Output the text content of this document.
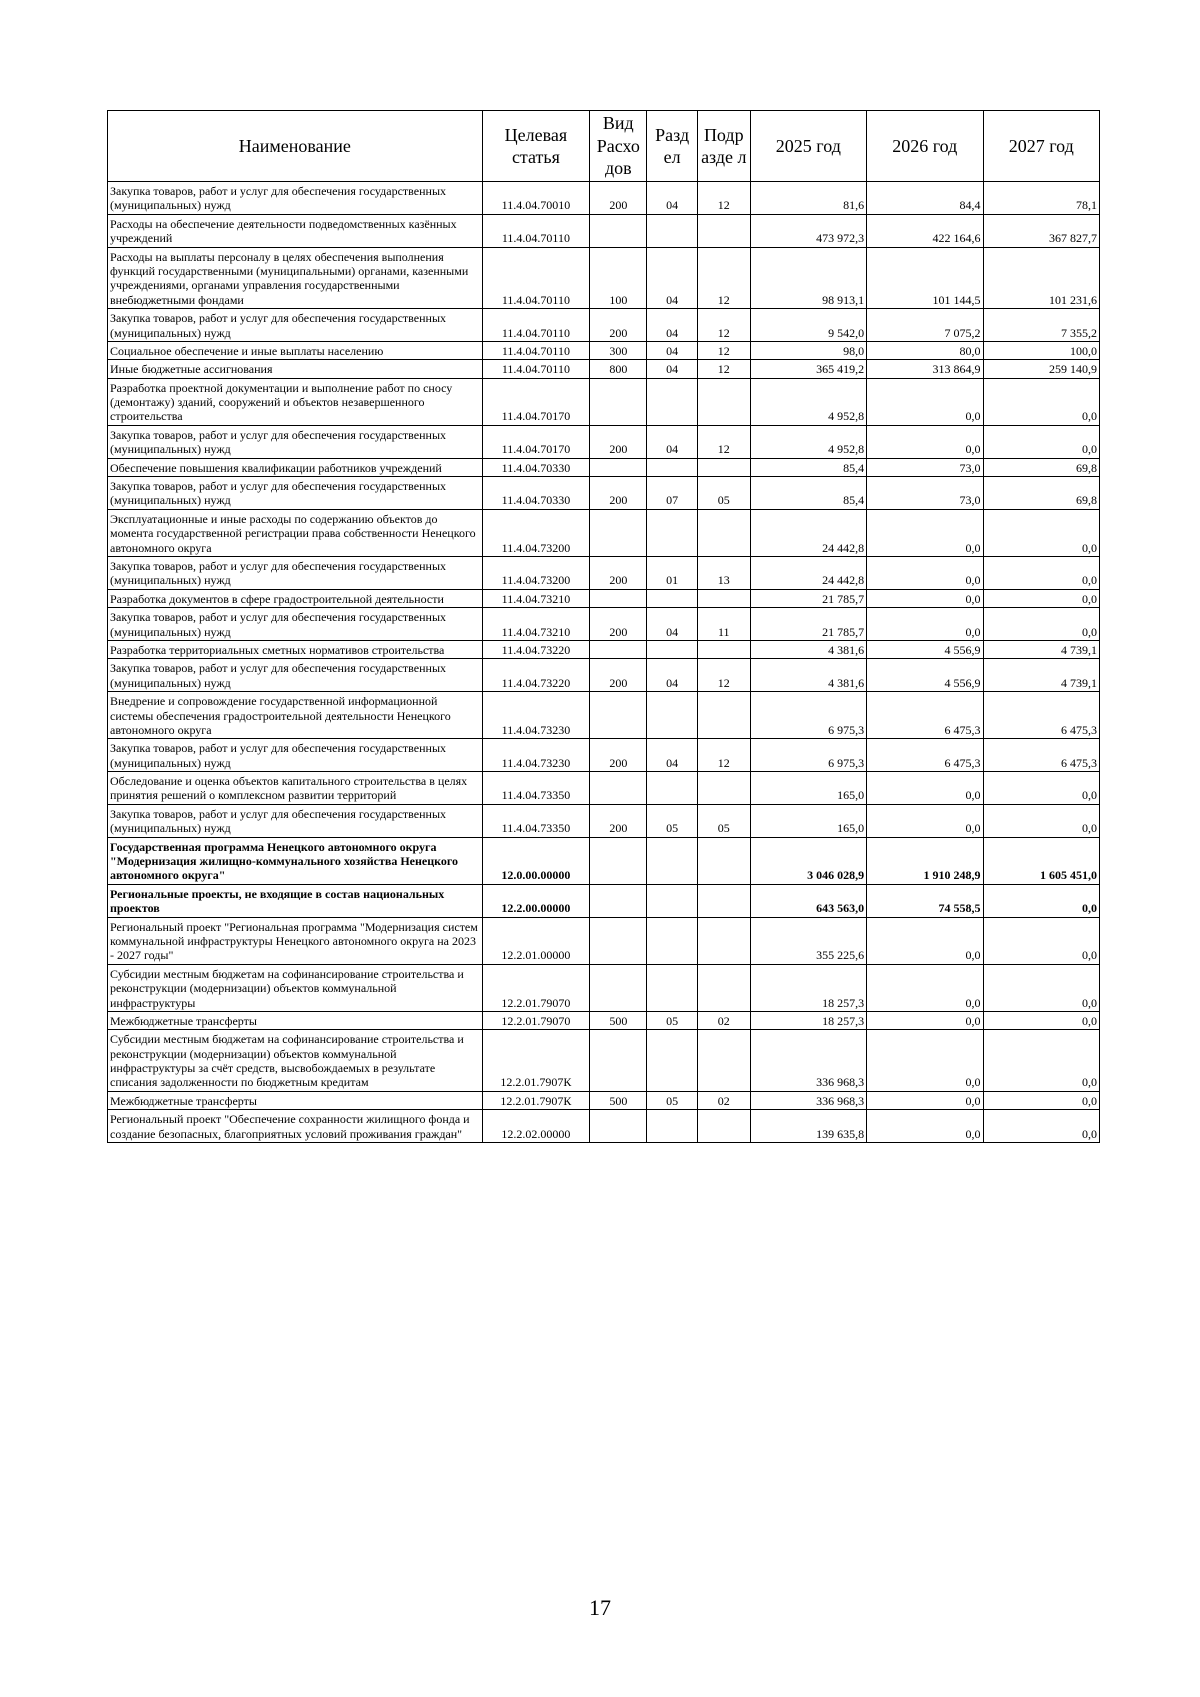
Наименование	Целевая статья	Вид Расхо дов	Разд ел	Подр азде л	2025 год	2026 год	2027 год
Закупка товаров, работ и услуг для обеспечения государственных (муниципальных) нужд	11.4.04.70010	200	04	12	81,6	84,4	78,1
Расходы на обеспечение деятельности подведомственных казённых учреждений	11.4.04.70110				473 972,3	422 164,6	367 827,7
Расходы на выплаты персоналу в целях обеспечения выполнения функций государственными (муниципальными) органами, казенными учреждениями, органами управления государственными внебюджетными фондами	11.4.04.70110	100	04	12	98 913,1	101 144,5	101 231,6
Закупка товаров, работ и услуг для обеспечения государственных (муниципальных) нужд	11.4.04.70110	200	04	12	9 542,0	7 075,2	7 355,2
Социальное обеспечение и иные выплаты населению	11.4.04.70110	300	04	12	98,0	80,0	100,0
Иные бюджетные ассигнования	11.4.04.70110	800	04	12	365 419,2	313 864,9	259 140,9
Разработка проектной документации и выполнение работ по сносу (демонтажу) зданий, сооружений и объектов незавершенного строительства	11.4.04.70170				4 952,8	0,0	0,0
Закупка товаров, работ и услуг для обеспечения государственных (муниципальных) нужд	11.4.04.70170	200	04	12	4 952,8	0,0	0,0
Обеспечение повышения квалификации работников учреждений	11.4.04.70330				85,4	73,0	69,8
Закупка товаров, работ и услуг для обеспечения государственных (муниципальных) нужд	11.4.04.70330	200	07	05	85,4	73,0	69,8
Эксплуатационные и иные расходы по содержанию объектов до момента государственной регистрации права собственности Ненецкого автономного округа	11.4.04.73200				24 442,8	0,0	0,0
Закупка товаров, работ и услуг для обеспечения государственных (муниципальных) нужд	11.4.04.73200	200	01	13	24 442,8	0,0	0,0
Разработка документов в сфере градостроительной деятельности	11.4.04.73210				21 785,7	0,0	0,0
Закупка товаров, работ и услуг для обеспечения государственных (муниципальных) нужд	11.4.04.73210	200	04	11	21 785,7	0,0	0,0
Разработка территориальных сметных нормативов строительства	11.4.04.73220				4 381,6	4 556,9	4 739,1
Закупка товаров, работ и услуг для обеспечения государственных (муниципальных) нужд	11.4.04.73220	200	04	12	4 381,6	4 556,9	4 739,1
Внедрение и сопровождение государственной информационной системы обеспечения градостроительной деятельности Ненецкого автономного округа	11.4.04.73230				6 975,3	6 475,3	6 475,3
Закупка товаров, работ и услуг для обеспечения государственных (муниципальных) нужд	11.4.04.73230	200	04	12	6 975,3	6 475,3	6 475,3
Обследование и оценка объектов капитального строительства в целях принятия решений о комплексном развитии территорий	11.4.04.73350				165,0	0,0	0,0
Закупка товаров, работ и услуг для обеспечения государственных (муниципальных) нужд	11.4.04.73350	200	05	05	165,0	0,0	0,0
Государственная программа Ненецкого автономного округа "Модернизация жилищно-коммунального хозяйства Ненецкого автономного округа"	12.0.00.00000				3 046 028,9	1 910 248,9	1 605 451,0
Региональные проекты, не входящие в состав национальных проектов	12.2.00.00000				643 563,0	74 558,5	0,0
Региональный проект "Региональная программа "Модернизация систем коммунальной инфраструктуры Ненецкого автономного округа на 2023 - 2027 годы"	12.2.01.00000				355 225,6	0,0	0,0
Субсидии местным бюджетам на софинансирование строительства и реконструкции (модернизации) объектов коммунальной инфраструктуры	12.2.01.79070				18 257,3	0,0	0,0
Межбюджетные трансферты	12.2.01.79070	500	05	02	18 257,3	0,0	0,0
Субсидии местным бюджетам на софинансирование строительства и реконструкции (модернизации) объектов коммунальной инфраструктуры за счёт средств, высвобождаемых в результате списания задолженности по бюджетным кредитам	12.2.01.7907К				336 968,3	0,0	0,0
Межбюджетные трансферты	12.2.01.7907К	500	05	02	336 968,3	0,0	0,0
Региональный проект "Обеспечение сохранности жилищного фонда и создание безопасных, благоприятных условий проживания граждан"	12.2.02.00000				139 635,8	0,0	0,0
17
